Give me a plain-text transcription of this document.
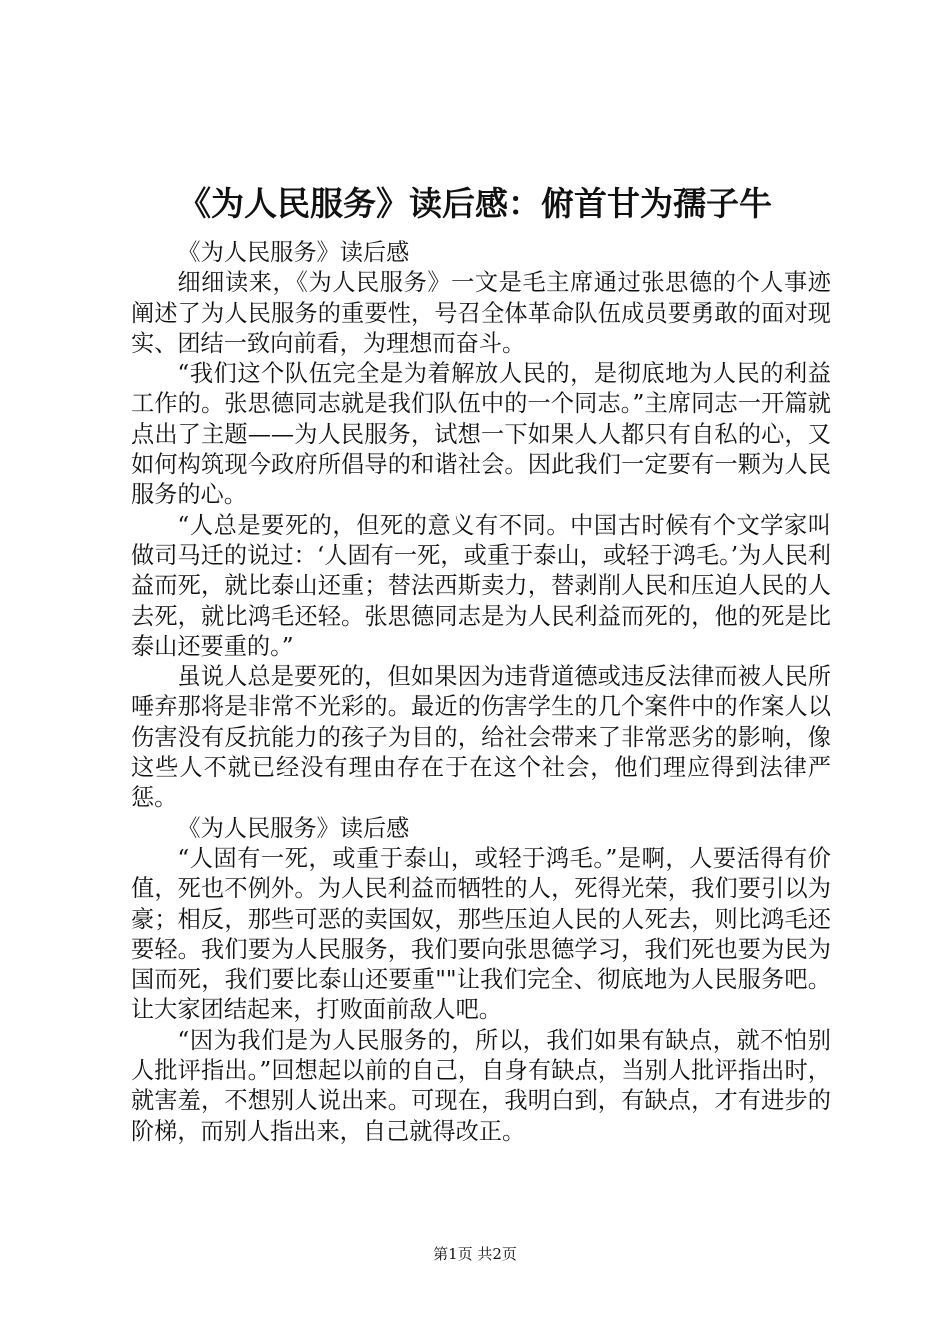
《为人民服务》读后感：俯首甘为孺子牛

《为人民服务》读后感

细细读来，《为人民服务》一文是毛主席通过张思德的个人事迹阐述了为人民服务的重要性，号召全体革命队伍成员要勇敢的面对现实、团结一致向前看，为理想而奋斗。

“我们这个队伍完全是为着解放人民的，是彻底地为人民的利益工作的。张思德同志就是我们队伍中的一个同志。”主席同志一开篇就点出了主题——为人民服务，试想一下如果人人都只有自私的心，又如何构筑现今政府所倡导的和谐社会。因此我们一定要有一颗为人民服务的心。

“人总是要死的，但死的意义有不同。中国古时候有个文学家叫做司马迁的说过：‘人固有一死，或重于泰山，或轻于鸿毛。’为人民利益而死，就比泰山还重；替法西斯卖力，替剥削人民和压迫人民的人去死，就比鸿毛还轻。张思德同志是为人民利益而死的，他的死是比泰山还要重的。”

虽说人总是要死的，但如果因为违背道德或违反法律而被人民所唾弃那将是非常不光彩的。最近的伤害学生的几个案件中的作案人以伤害没有反抗能力的孩子为目的，给社会带来了非常恶劣的影响，像这些人不就已经没有理由存在于在这个社会，他们理应得到法律严惩。

《为人民服务》读后感

“人固有一死，或重于泰山，或轻于鸿毛。”是啊，人要活得有价值，死也不例外。为人民利益而牺牲的人，死得光荣，我们要引以为豪；相反，那些可恶的卖国奴，那些压迫人民的人死去，则比鸿毛还要轻。我们要为人民服务，我们要向张思德学习，我们死也要为民为国而死，我们要比泰山还要重""让我们完全、彻底地为人民服务吧。让大家团结起来，打败面前敌人吧。

“因为我们是为人民服务的，所以，我们如果有缺点，就不怕别人批评指出。”回想起以前的自己，自身有缺点，当别人批评指出时，就害羞，不想别人说出来。可现在，我明白到，有缺点，才有进步的阶梯，而别人指出来，自己就得改正。

第1页 共2页
